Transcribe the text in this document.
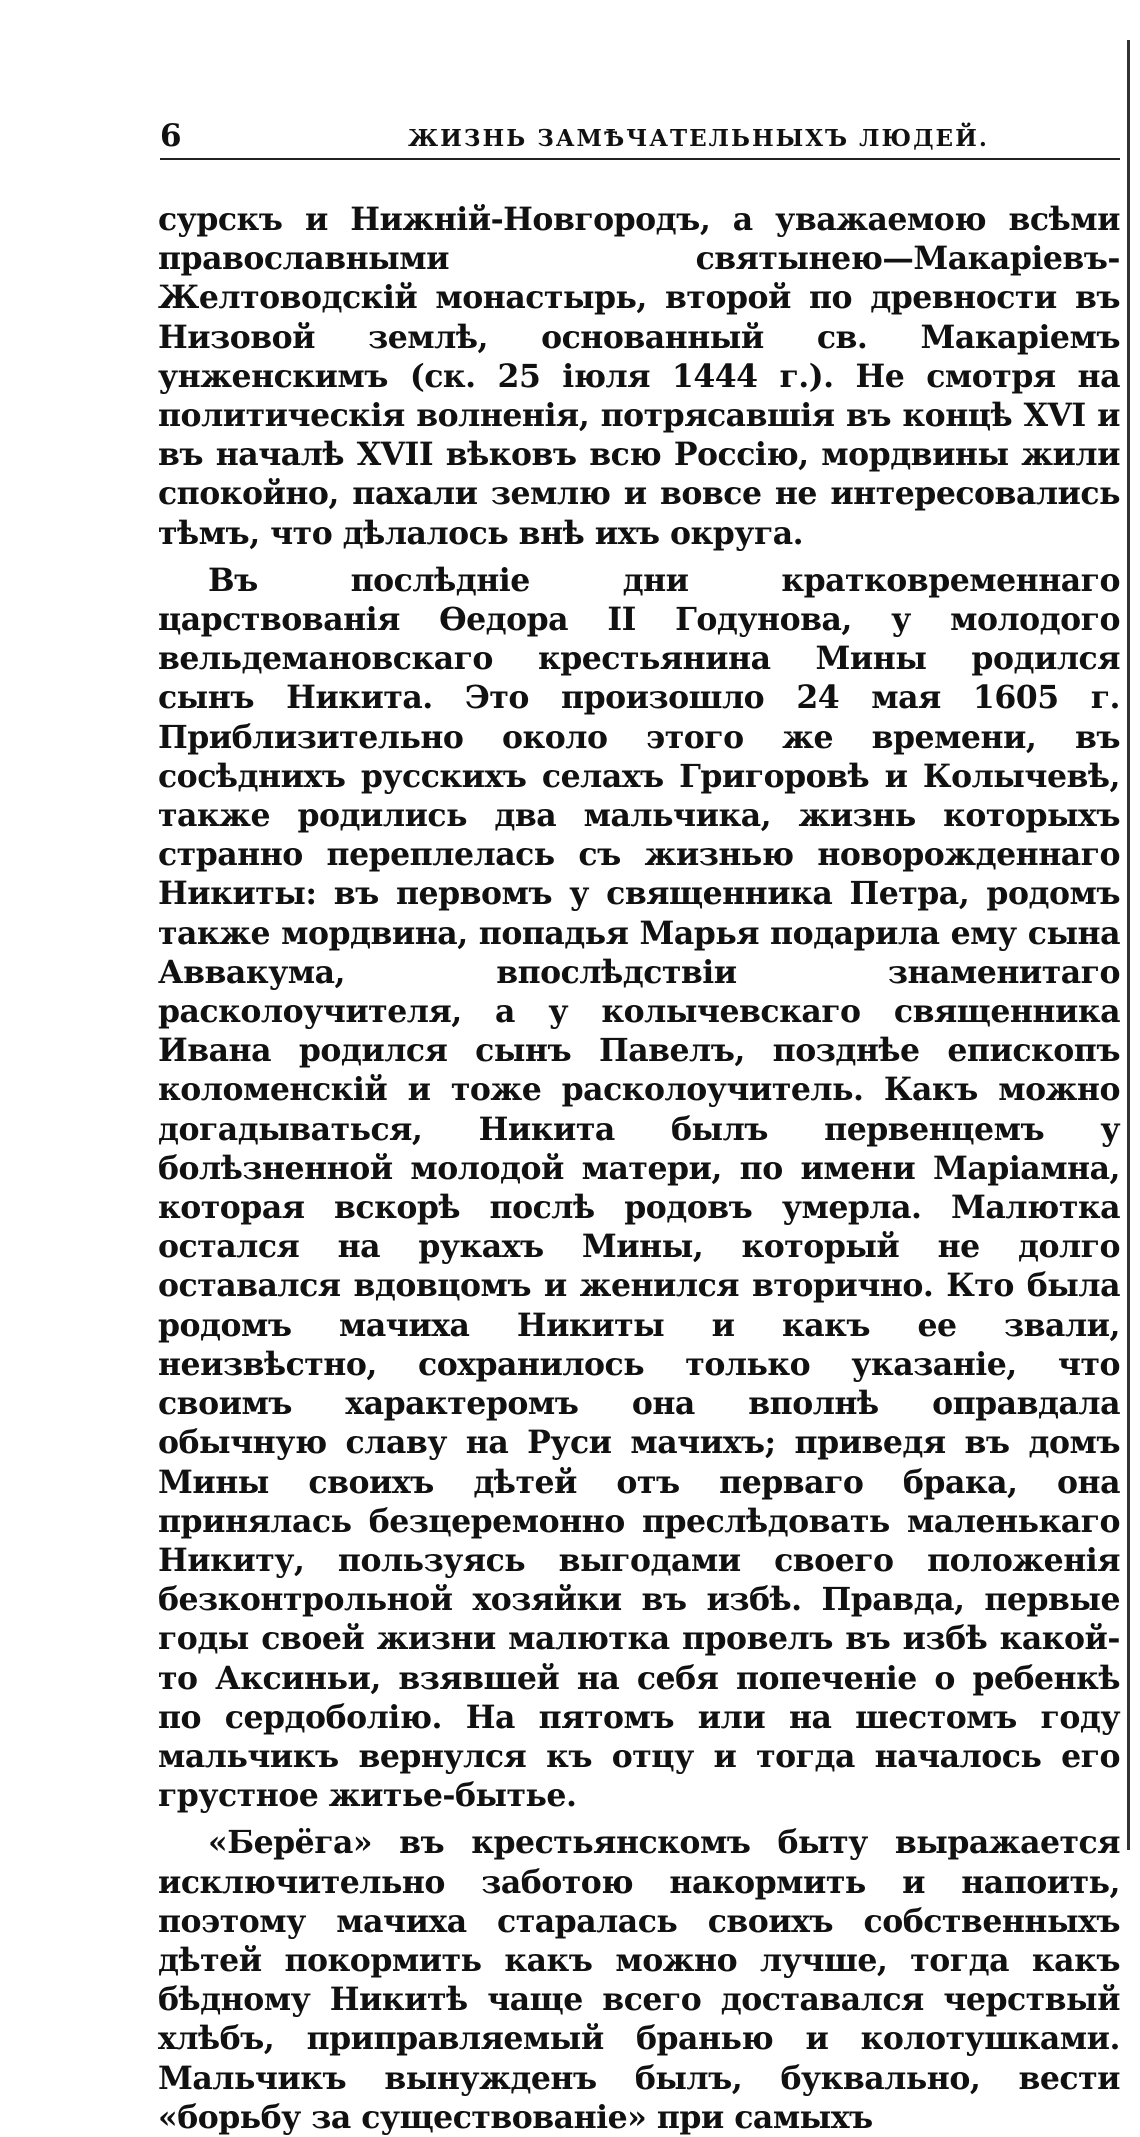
6	ЖИЗНЬ ЗАМѢЧАТЕЛЬНЫХЪ ЛЮДЕЙ.

сурскъ и Нижній-Новгородъ, а уважаемою всѣми православными святынею—Макаріевъ-Желтоводскій монастырь, второй по древности въ Низовой землѣ, основанный св. Макаріемъ унженскимъ (ск. 25 іюля 1444 г.). Не смотря на политическія волненія, потрясавшія въ концѣ XVI и въ началѣ XVII вѣковъ всю Россію, мордвины жили спокойно, пахали землю и вовсе не интересовались тѣмъ, что дѣлалось внѣ ихъ округа.

Въ послѣдніе дни кратковременнаго царствованія Өедора II Годунова, у молодого вельдемановскаго крестьянина Мины родился сынъ Никита. Это произошло 24 мая 1605 г. Приблизительно около этого же времени, въ сосѣднихъ русскихъ селахъ Григоровѣ и Колычевѣ, также родились два мальчика, жизнь которыхъ странно переплелась съ жизнью новорожденнаго Никиты: въ первомъ у священника Петра, родомъ также мордвина, попадья Марья подарила ему сына Аввакума, впослѣдствіи знаменитаго расколоучителя, а у колычевскаго священника Ивана родился сынъ Павелъ, позднѣе епископъ коломенскій и тоже расколоучитель. Какъ можно догадываться, Никита былъ первенцемъ у болѣзненной молодой матери, по имени Маріамна, которая вскорѣ послѣ родовъ умерла. Малютка остался на рукахъ Мины, который не долго оставался вдовцомъ и женился вторично. Кто была родомъ мачиха Никиты и какъ ее звали, неизвѣстно, сохранилось только указаніе, что своимъ характеромъ она вполнѣ оправдала обычную славу на Руси мачихъ; приведя въ домъ Мины своихъ дѣтей отъ перваго брака, она принялась безцеремонно преслѣдовать маленькаго Никиту, пользуясь выгодами своего положенія безконтрольной хозяйки въ избѣ. Правда, первые годы своей жизни малютка провелъ въ избѣ какой-то Аксиньи, взявшей на себя попеченіе о ребенкѣ по сердоболію. На пятомъ или на шестомъ году мальчикъ вернулся къ отцу и тогда началось его грустное житье-бытье.

«Берёга» въ крестьянскомъ быту выражается исключительно заботою накормить и напоить, поэтому мачиха старалась своихъ собственныхъ дѣтей покормить какъ можно лучше, тогда какъ бѣдному Никитѣ чаще всего доставался черствый хлѣбъ, приправляемый бранью и колотушками. Мальчикъ вынужденъ былъ, буквально, вести «борьбу за существованіе» при самыхъ
